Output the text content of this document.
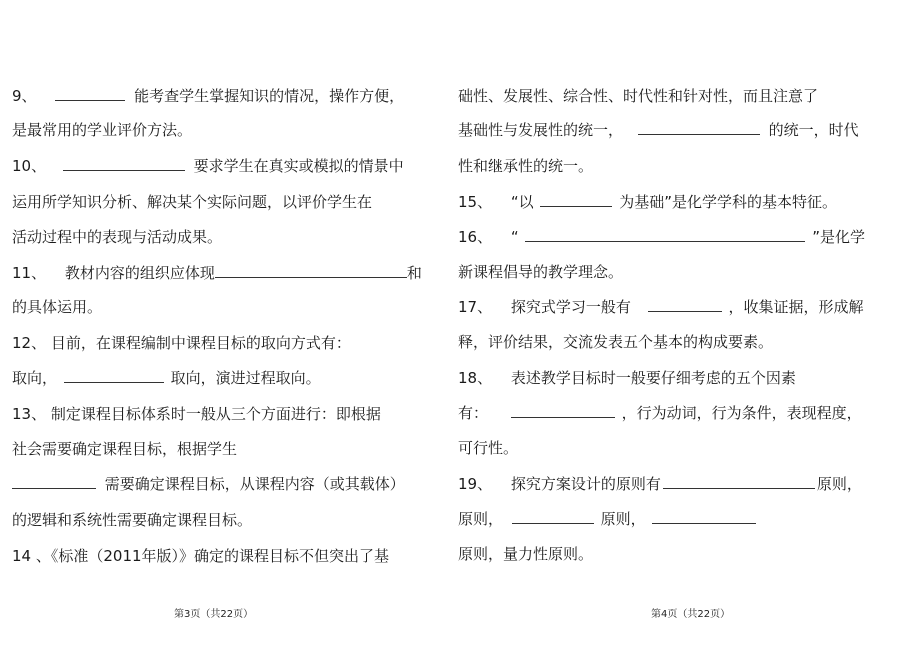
9、	能考查学生掌握知识的情况，操作方便，
是最常用的学业评价方法。
10、	要求学生在真实或模拟的情景中
运用所学知识分析、解决某个实际问题，以评价学生在
活动过程中的表现与活动成果。
11、 教材内容的组织应体现	和
的具体运用。
12、 目前，在课程编制中课程目标的取向方式有：
取向，	取向，演进过程取向。
13、 制定课程目标体系时一般从三个方面进行：即根据
社会需要确定课程目标，根据学生
需要确定课程目标，从课程内容（或其载体）
的逻辑和系统性需要确定课程目标。
14 、《标准（2011年版）》确定的课程目标不但突出了基
第3页（共22页）
础性、发展性、综合性、时代性和针对性，而且注意了
基础性与发展性的统一，	的统一，时代
性和继承性的统一。
15、 “以	为基础”是化学学科的基本特征。
16、 “	”是化学
新课程倡导的教学理念。
17、 探究式学习一般有	，收集证据，形成解
释，评价结果，交流发表五个基本的构成要素。
18、 表述教学目标时一般要仔细考虑的五个因素
有：	，行为动词，行为条件，表现程度，
可行性。
19、 探究方案设计的原则有	原则，
原则，	原则，
原则，量力性原则。
第4页（共22页）
